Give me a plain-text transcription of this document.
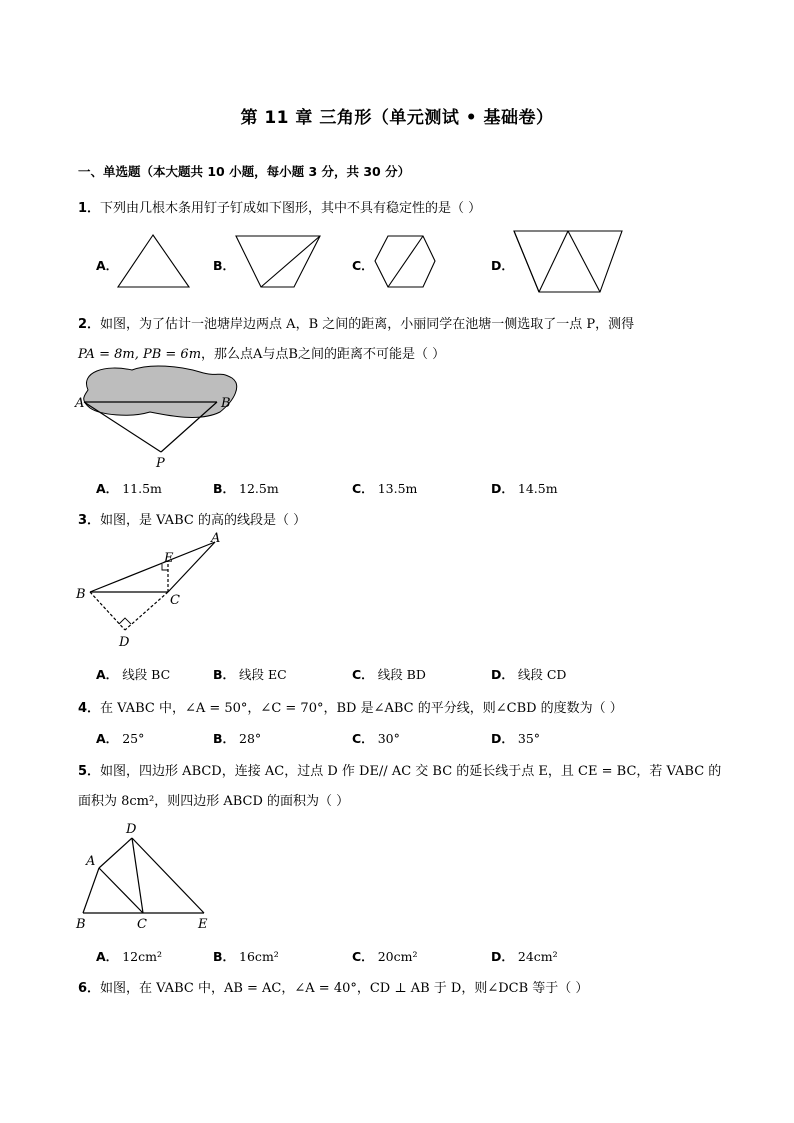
第 11 章 三角形（单元测试 • 基础卷）
一、单选题（本大题共 10 小题，每小题 3 分，共 30 分）
1．下列由几根木条用钉子钉成如下图形，其中不具有稳定性的是（ ）
A．	B．	C．	D．
2．如图，为了估计一池塘岸边两点 A，B 之间的距离，小丽同学在池塘一侧选取了一点 P，测得
PA = 8m, PB = 6m，那么点A与点B之间的距离不可能是（ ）
A	B
P
A． 11.5m	B． 12.5m	C． 13.5m	D． 14.5m
3．如图，是 VABC 的高的线段是（ ）
A
B	C
D
E
A． 线段 BC	B． 线段 EC	C． 线段 BD	D． 线段 CD
4．在 VABC 中，∠A = 50°，∠C = 70°，BD 是∠ABC 的平分线，则∠CBD 的度数为（ ）
A． 25°	B． 28°	C． 30°	D． 35°
5．如图，四边形 ABCD，连接 AC，过点 D 作 DE// AC 交 BC 的延长线于点 E，且 CE = BC，若 VABC 的
面积为 8cm²，则四边形 ABCD 的面积为（ ）
A
B	C
D
E
A． 12cm²	B． 16cm²	C． 20cm²	D． 24cm²
6．如图，在 VABC 中，AB = AC，∠A = 40°，CD ⊥ AB 于 D，则∠DCB 等于（ ）
